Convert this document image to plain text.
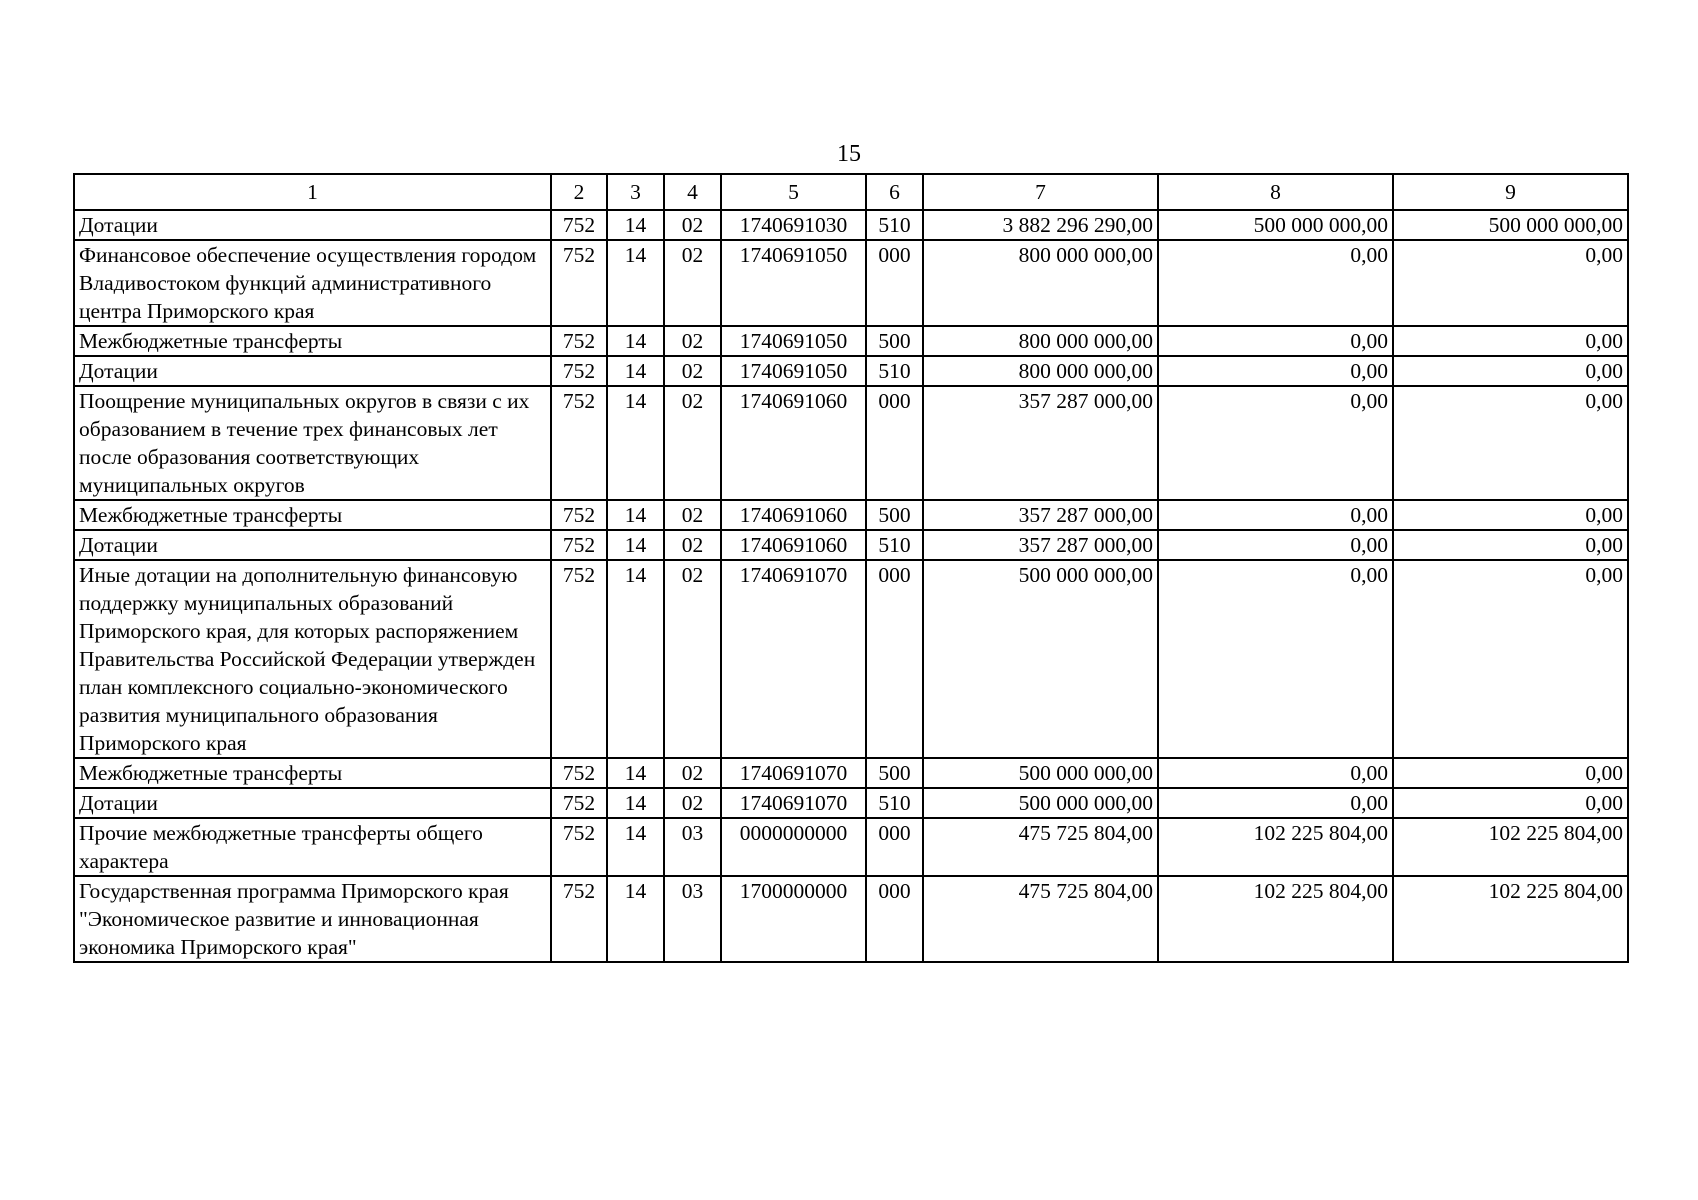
15
1	2	3	4	5	6	7	8	9
Дотации	752	14	02	1740691030	510	3 882 296 290,00	500 000 000,00	500 000 000,00
Финансовое обеспечение осуществления городом Владивостоком функций административного центра Приморского края	752	14	02	1740691050	000	800 000 000,00	0,00	0,00
Межбюджетные трансферты	752	14	02	1740691050	500	800 000 000,00	0,00	0,00
Дотации	752	14	02	1740691050	510	800 000 000,00	0,00	0,00
Поощрение муниципальных округов в связи с их образованием в течение трех финансовых лет после образования соответствующих муниципальных округов	752	14	02	1740691060	000	357 287 000,00	0,00	0,00
Межбюджетные трансферты	752	14	02	1740691060	500	357 287 000,00	0,00	0,00
Дотации	752	14	02	1740691060	510	357 287 000,00	0,00	0,00
Иные дотации на дополнительную финансовую поддержку муниципальных образований Приморского края, для которых распоряжением Правительства Российской Федерации утвержден план комплексного социально-экономического развития муниципального образования Приморского края	752	14	02	1740691070	000	500 000 000,00	0,00	0,00
Межбюджетные трансферты	752	14	02	1740691070	500	500 000 000,00	0,00	0,00
Дотации	752	14	02	1740691070	510	500 000 000,00	0,00	0,00
Прочие межбюджетные трансферты общего характера	752	14	03	0000000000	000	475 725 804,00	102 225 804,00	102 225 804,00
Государственная программа Приморского края "Экономическое развитие и инновационная экономика Приморского края"	752	14	03	1700000000	000	475 725 804,00	102 225 804,00	102 225 804,00
